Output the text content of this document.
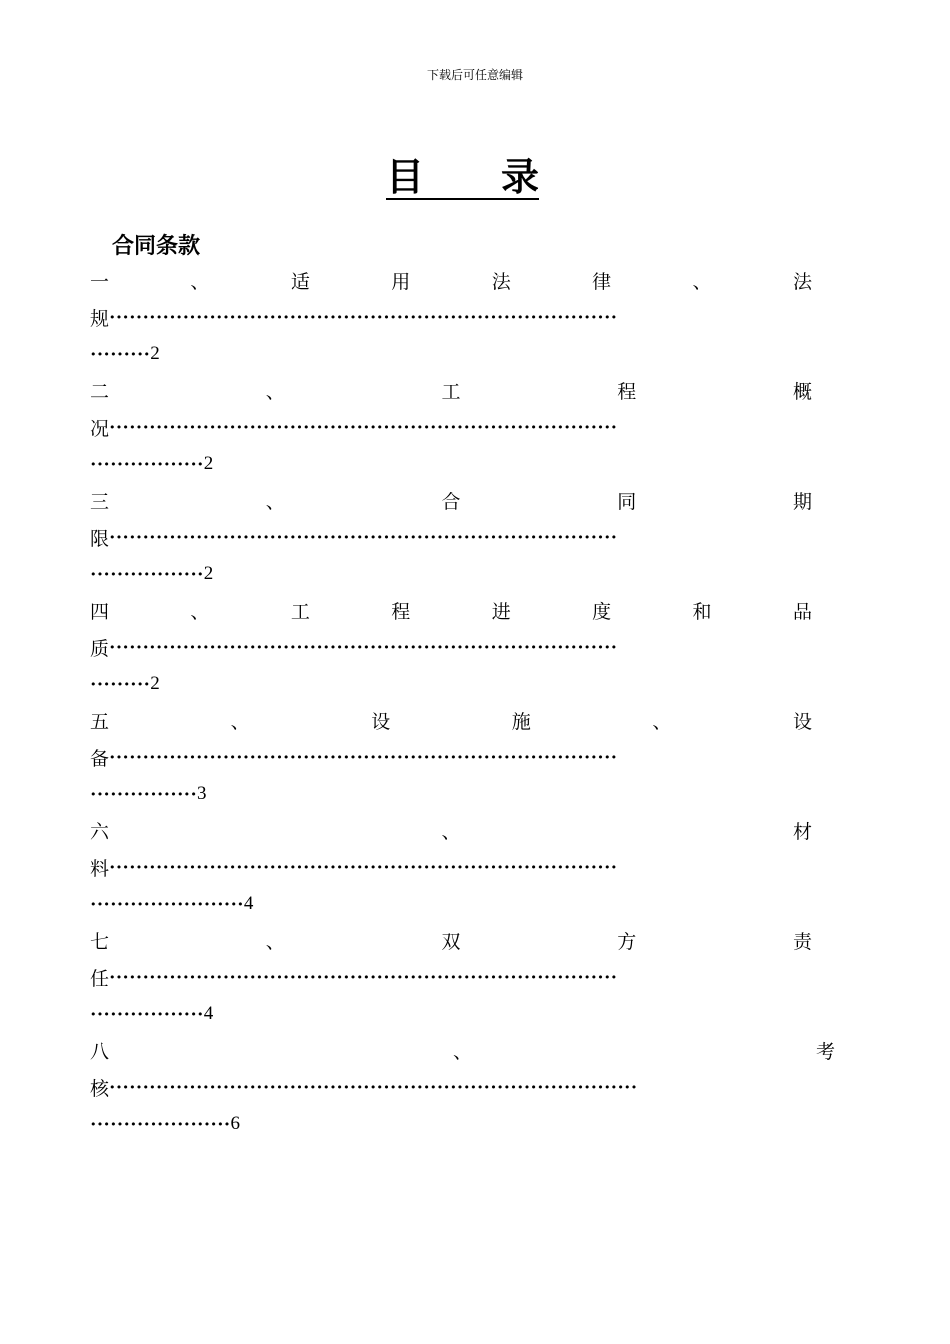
下载后可任意编辑
目 录
合同条款
一	、	适	用	法	律	、	法
规 ••••••••••••••••••••••••••••••••••••••••••••••••••••••••••••••••••••••••••••
••••••••• 2
二	、	工	程	概
况 ••••••••••••••••••••••••••••••••••••••••••••••••••••••••••••••••••••••••••••
••••••••••••••••• 2
三	、	合	同	期
限 ••••••••••••••••••••••••••••••••••••••••••••••••••••••••••••••••••••••••••••
••••••••••••••••• 2
四	、	工	程	进	度	和	品
质 ••••••••••••••••••••••••••••••••••••••••••••••••••••••••••••••••••••••••••••
••••••••• 2
五	、	设	施	、	设
备 ••••••••••••••••••••••••••••••••••••••••••••••••••••••••••••••••••••••••••••
•••••••••••••••• 3
六	、	材
料 ••••••••••••••••••••••••••••••••••••••••••••••••••••••••••••••••••••••••••••
••••••••••••••••••••••• 4
七	、	双	方	责
任 ••••••••••••••••••••••••••••••••••••••••••••••••••••••••••••••••••••••••••••
••••••••••••••••• 4
八	、	考
核 •••••••••••••••••••••••••••••••••••••••••••••••••••••••••••••••••••••••••••••••
••••••••••••••••••••• 6
